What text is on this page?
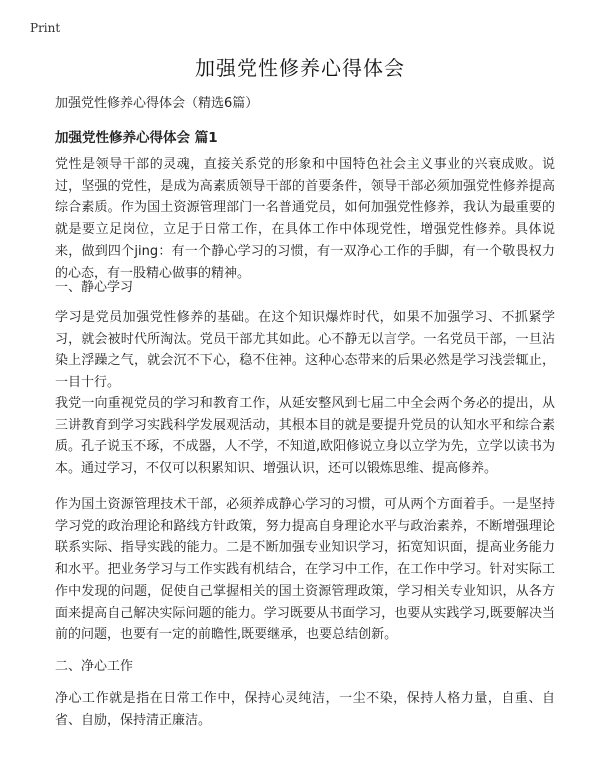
Print
加强党性修养心得体会
加强党性修养心得体会（精选6篇）
加强党性修养心得体会 篇1

党性是领导干部的灵魂，直接关系党的形象和中国特色社会主义事业的兴衰成败。说过，坚强的党性，是成为高素质领导干部的首要条件，领导干部必须加强党性修养提高综合素质。作为国土资源管理部门一名普通党员，如何加强党性修养，我认为最重要的就是要立足岗位，立足于日常工作，在具体工作中体现党性，增强党性修养。具体说来，做到四个jing：有一个静心学习的习惯，有一双净心工作的手脚，有一个敬畏权力的心态，有一股精心做事的精神。

一、静心学习

学习是党员加强党性修养的基础。在这个知识爆炸时代，如果不加强学习、不抓紧学习，就会被时代所淘汰。党员干部尤其如此。心不静无以言学。一名党员干部，一旦沾染上浮躁之气，就会沉不下心，稳不住神。这种心态带来的后果必然是学习浅尝辄止，一目十行。

我党一向重视党员的学习和教育工作，从延安整风到七届二中全会两个务必的提出，从三讲教育到学习实践科学发展观活动，其根本目的就是要提升党员的认知水平和综合素质。孔子说玉不琢，不成器，人不学，不知道,欧阳修说立身以立学为先，立学以读书为本。通过学习，不仅可以积累知识、增强认识，还可以锻炼思维、提高修养。

作为国土资源管理技术干部，必须养成静心学习的习惯，可从两个方面着手。一是坚持学习党的政治理论和路线方针政策，努力提高自身理论水平与政治素养，不断增强理论联系实际、指导实践的能力。二是不断加强专业知识学习，拓宽知识面，提高业务能力和水平。把业务学习与工作实践有机结合，在学习中工作，在工作中学习。针对实际工作中发现的问题，促使自己掌握相关的国土资源管理政策，学习相关专业知识，从各方面来提高自己解决实际问题的能力。学习既要从书面学习，也要从实践学习,既要解决当前的问题，也要有一定的前瞻性,既要继承，也要总结创新。

二、净心工作

净心工作就是指在日常工作中，保持心灵纯洁，一尘不染，保持人格力量，自重、自省、自励，保持清正廉洁。
